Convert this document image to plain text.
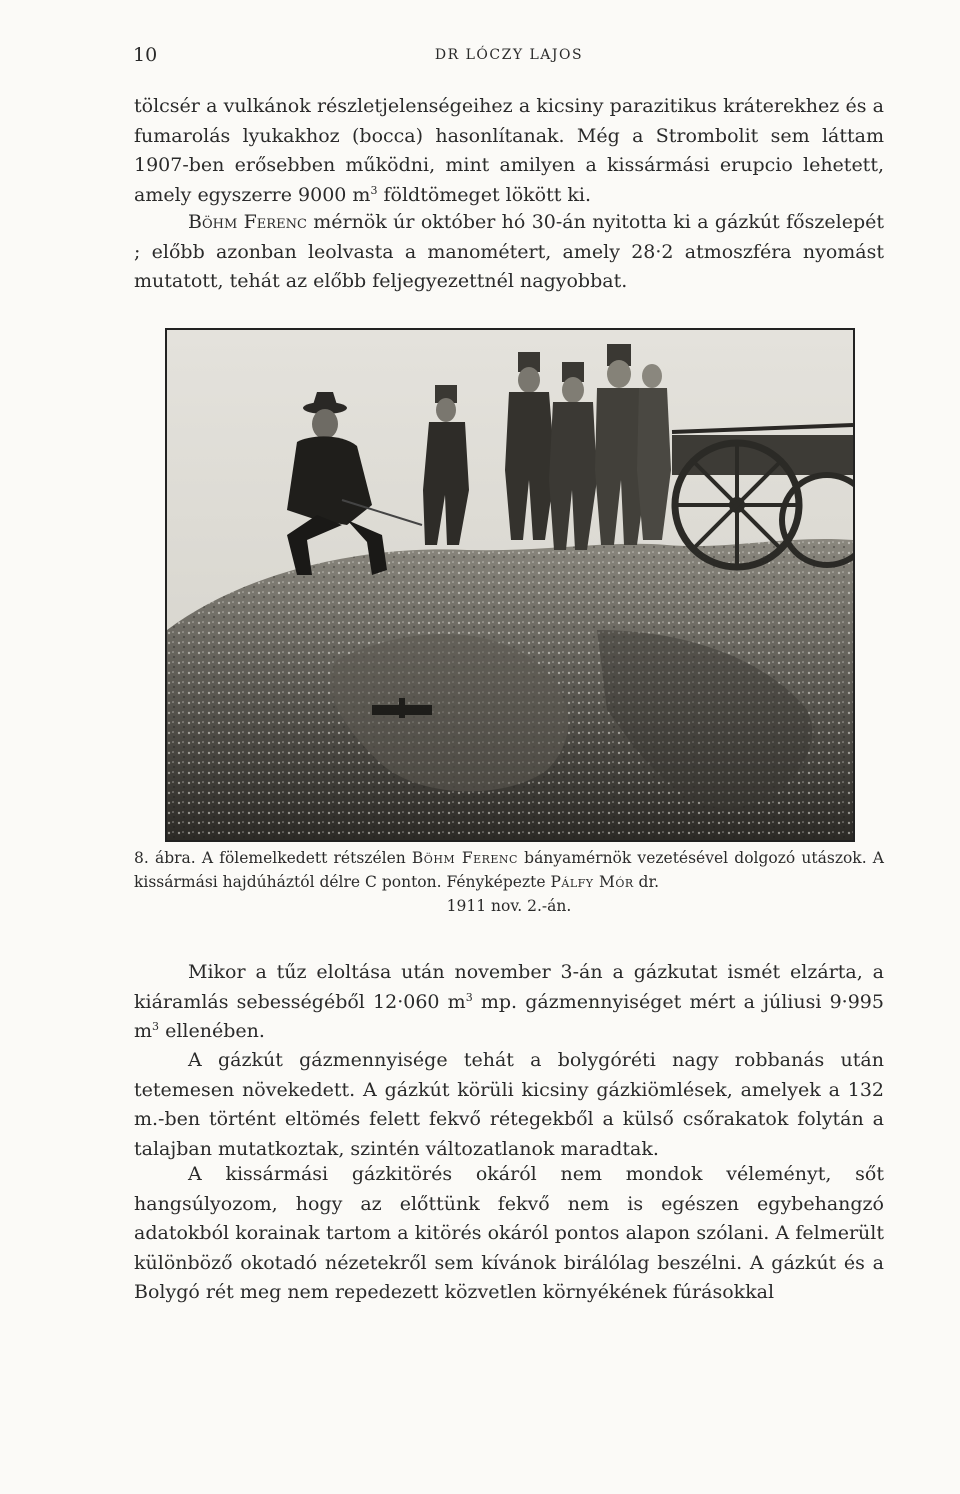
10	DR LÓCZY LAJOS

tölcsér a vulkánok részletjelenségeihez a kicsiny parazitikus kráterekhez és a fumarolás lyukakhoz (bocca) hasonlítanak. Még a Strombolit sem láttam 1907-ben erősebben működni, mint amilyen a kissármási erupcio lehetett, amely egyszerre 9000 $m^3$ földtömeget lökött ki.

Böhm Ferenc mérnök úr október hó 30-án nyitotta ki a gázkút főszelepét ; előbb azonban leolvasta a manométert, amely 28·2 atmoszféra nyomást mutatott, tehát az előbb feljegyezettnél nagyobbat.

8. ábra. A fölemelkedett rétszélen Böhm Ferenc bányamérnök vezetésével dolgozó utászok. A kissármási hajdúháztól délre C ponton. Fényképezte Pálfy Mór dr.
1911 nov. 2.-án.

Mikor a tűz eloltása után november 3-án a gázkutat ismét elzárta, a kiáramlás sebességéből 12·060 $m^3$ mp. gázmennyiséget mért a júliusi 9·995 $m^3$ ellenében.

A gázkút gázmennyisége tehát a bolygóréti nagy robbanás után tetemesen növekedett. A gázkút körüli kicsiny gázkiömlések, amelyek a 132 m.-ben történt eltömés felett fekvő rétegekből a külső csőrakatok folytán a talajban mutatkoztak, szintén változatlanok maradtak.

A kissármási gázkitörés okáról nem mondok véleményt, sőt hangsúlyozom, hogy az előttünk fekvő nem is egészen egybehangzó adatokból korainak tartom a kitörés okáról pontos alapon szólani. A felmerült különböző okotadó nézetekről sem kívánok birálólag beszélni. A gázkút és a Bolygó rét meg nem repedezett közvetlen környékének fúrásokkal
